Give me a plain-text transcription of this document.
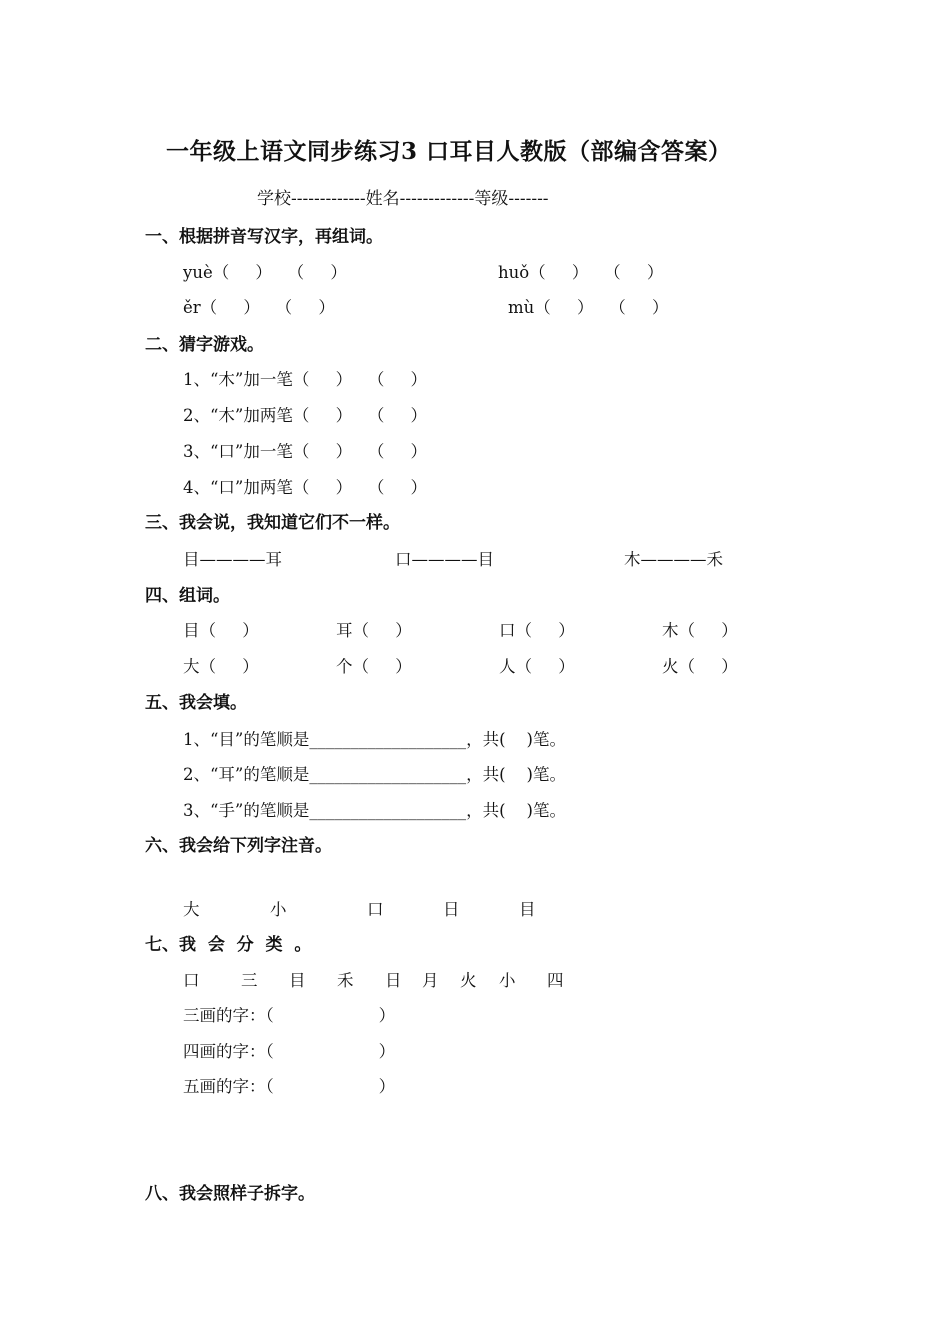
一年级上语文同步练习3 口耳目人教版（部编含答案）
学校-------------姓名-------------等级-------
一、根据拼音写汉字，再组词。
yuè（     ）   （     ）	huǒ（     ）   （     ）
ěr（     ）   （     ）	mù（     ）   （     ）
二、猜字游戏。
1、“木”加一笔（     ）   （     ）
2、“木”加两笔（     ）   （     ）
3、“口”加一笔（     ）   （     ）
4、“口”加两笔（     ）   （     ）
三、我会说，我知道它们不一样。
目————耳	口————目	木————禾
四、组词。
目（     ）	耳（     ）	口（     ）	木（     ）
大（     ）	个（     ）	人（     ）	火（     ）
五、我会填。
1、“目”的笔顺是___________________，共(    )笔。
2、“耳”的笔顺是___________________，共(    )笔。
3、“手”的笔顺是___________________，共(    )笔。
六、我会给下列字注音。
大	小	口	日	目
七、我  会  分  类  。
口	三 目 禾 日 月 火 小 四
三画的字：（                    ）
四画的字：（                    ）
五画的字：（                    ）
八、我会照样子拆字。
